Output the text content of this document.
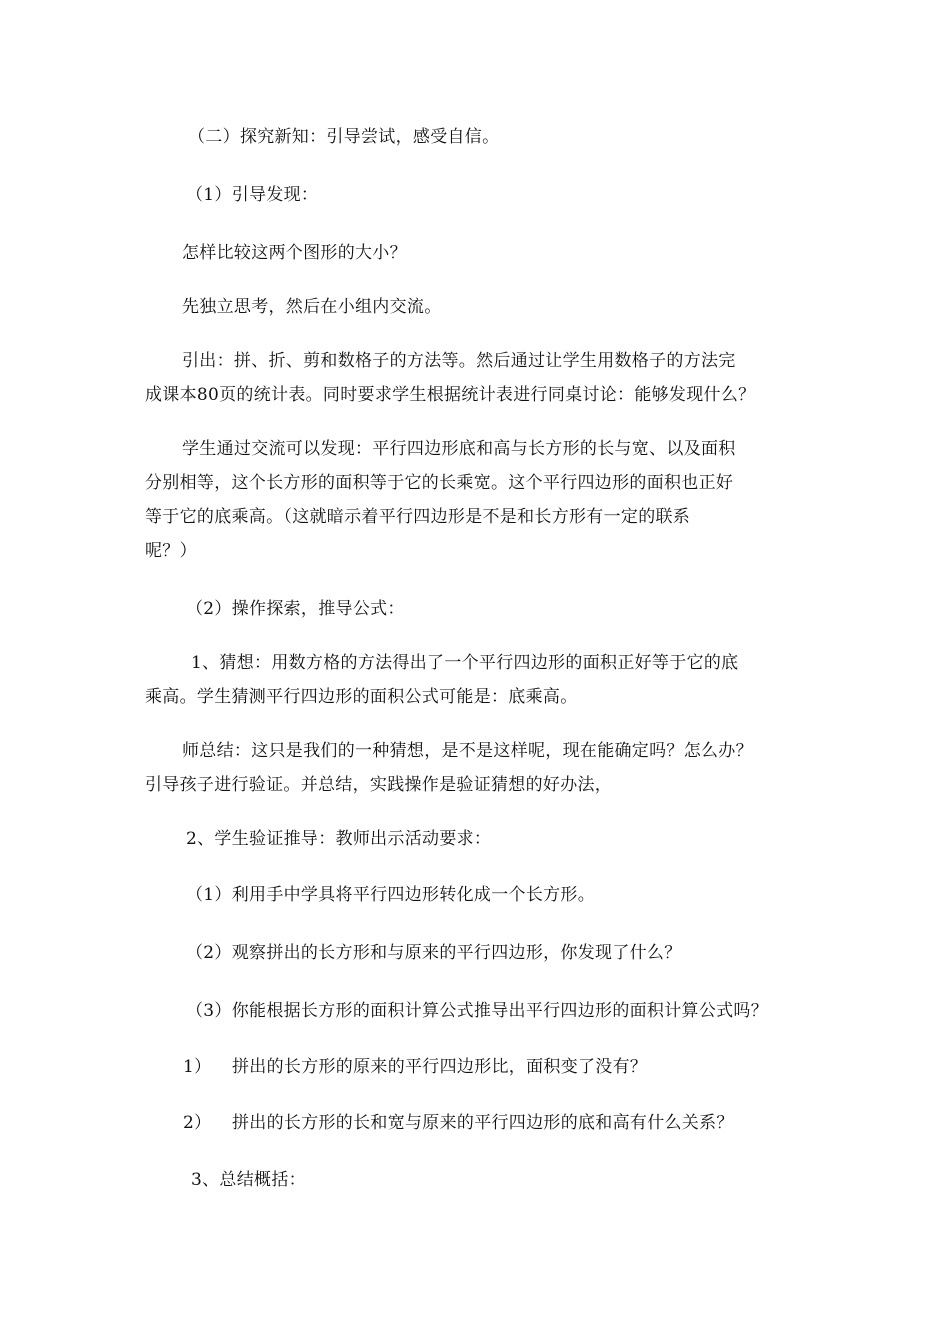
（二）探究新知：引导尝试，感受自信。
（1）引导发现：
怎样比较这两个图形的大小？
先独立思考，然后在小组内交流。
引出：拼、折、剪和数格子的方法等。然后通过让学生用数格子的方法完
成课本80页的统计表。同时要求学生根据统计表进行同桌讨论：能够发现什么？
学生通过交流可以发现：平行四边形底和高与长方形的长与宽、以及面积
分别相等，这个长方形的面积等于它的长乘宽。这个平行四边形的面积也正好
等于它的底乘高。（这就暗示着平行四边形是不是和长方形有一定的联系
呢？）
（2）操作探索，推导公式：
1、猜想：用数方格的方法得出了一个平行四边形的面积正好等于它的底
乘高。学生猜测平行四边形的面积公式可能是：底乘高。
师总结：这只是我们的一种猜想，是不是这样呢，现在能确定吗？怎么办？
引导孩子进行验证。并总结，实践操作是验证猜想的好办法，
2、学生验证推导：教师出示活动要求：
（1）利用手中学具将平行四边形转化成一个长方形。
（2）观察拼出的长方形和与原来的平行四边形，你发现了什么？
（3）你能根据长方形的面积计算公式推导出平行四边形的面积计算公式吗？
1） 拼出的长方形的原来的平行四边形比，面积变了没有？
2） 拼出的长方形的长和宽与原来的平行四边形的底和高有什么关系？
3、总结概括：
